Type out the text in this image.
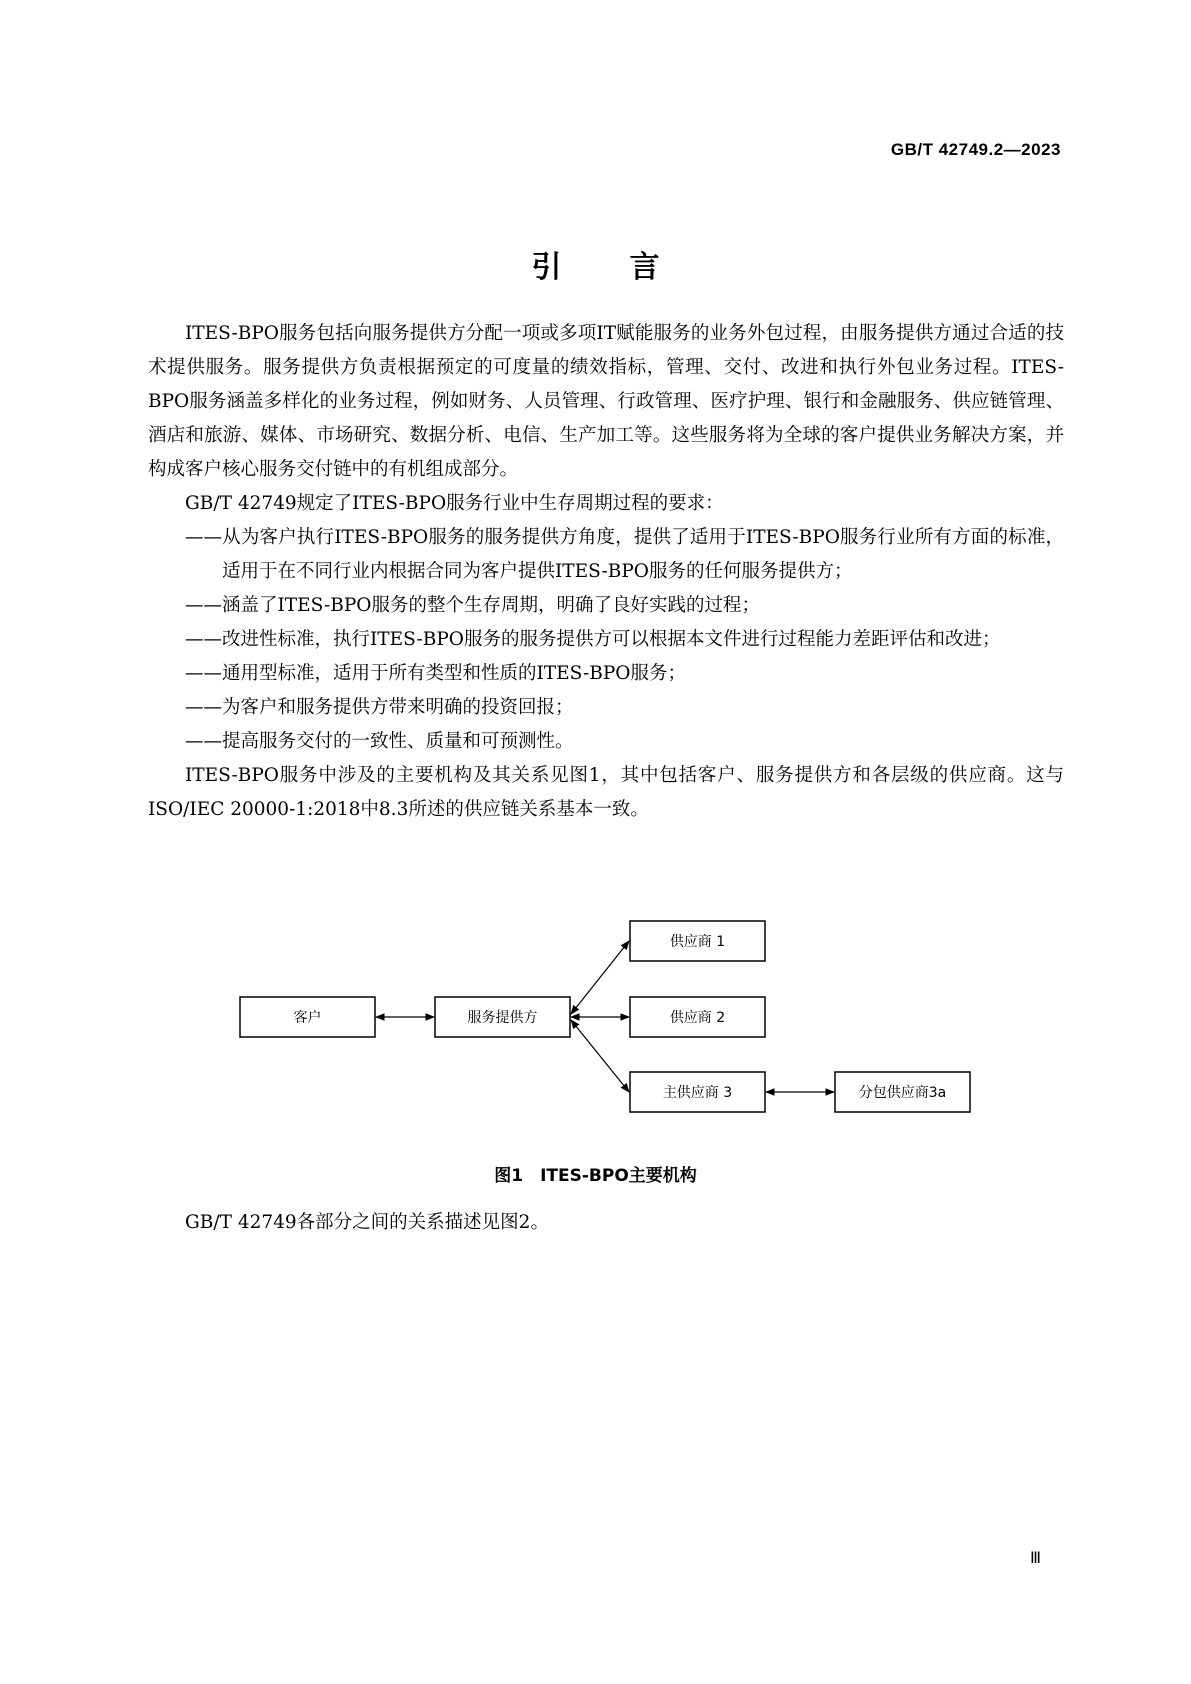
GB/T 42749.2—2023
引言

ITES-BPO服务包括向服务提供方分配一项或多项IT赋能服务的业务外包过程，由服务提供方通过合适的技术提供服务。服务提供方负责根据预定的可度量的绩效指标，管理、交付、改进和执行外包业务过程。ITES-BPO服务涵盖多样化的业务过程，例如财务、人员管理、行政管理、医疗护理、银行和金融服务、供应链管理、酒店和旅游、媒体、市场研究、数据分析、电信、生产加工等。这些服务将为全球的客户提供业务解决方案，并构成客户核心服务交付链中的有机组成部分。

GB/T 42749规定了ITES-BPO服务行业中生存周期过程的要求：

——从为客户执行ITES-BPO服务的服务提供方角度，提供了适用于ITES-BPO服务行业所有方面的标准，适用于在不同行业内根据合同为客户提供ITES-BPO服务的任何服务提供方；

——涵盖了ITES-BPO服务的整个生存周期，明确了良好实践的过程；

——改进性标准，执行ITES-BPO服务的服务提供方可以根据本文件进行过程能力差距评估和改进；

——通用型标准，适用于所有类型和性质的ITES-BPO服务；

——为客户和服务提供方带来明确的投资回报；

——提高服务交付的一致性、质量和可预测性。

ITES-BPO服务中涉及的主要机构及其关系见图1，其中包括客户、服务提供方和各层级的供应商。这与ISO/IEC 20000-1:2018中8.3所述的供应链关系基本一致。

客户	服务提供方
供应商 1
供应商 2
主供应商 3	分包供应商3a
图1　ITES-BPO主要机构

GB/T 42749各部分之间的关系描述见图2。

Ⅲ
